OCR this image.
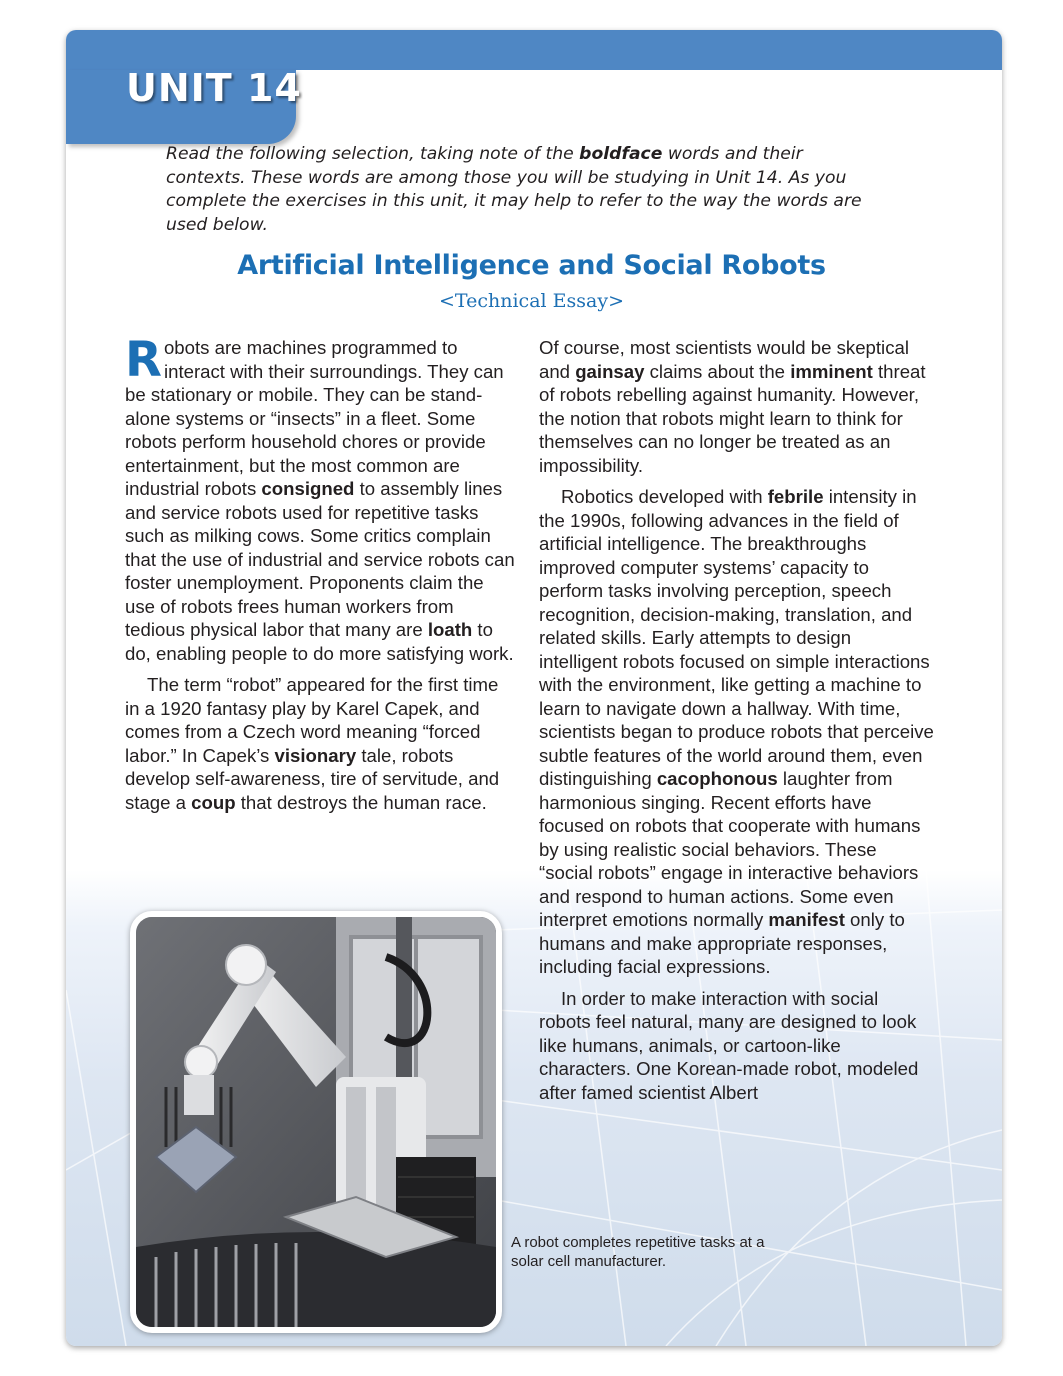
UNIT 14
Read the following selection, taking note of the boldface words and their contexts. These words are among those you will be studying in Unit 14. As you complete the exercises in this unit, it may help to refer to the way the words are used below.
Artificial Intelligence and Social Robots
<Technical Essay>

Robots are machines programmed to interact with their surroundings. They can be stationary or mobile. They can be stand-alone systems or “insects” in a fleet. Some robots perform household chores or provide entertainment, but the most common are industrial robots consigned to assembly lines and service robots used for repetitive tasks such as milking cows. Some critics complain that the use of industrial and service robots can foster unemployment. Proponents claim the use of robots frees human workers from tedious physical labor that many are loath to do, enabling people to do more satisfying work.

The term “robot” appeared for the first time in a 1920 fantasy play by Karel Capek, and comes from a Czech word meaning “forced labor.” In Capek’s visionary tale, robots develop self-awareness, tire of servitude, and stage a coup that destroys the human race.

Of course, most scientists would be skeptical and gainsay claims about the imminent threat of robots rebelling against humanity. However, the notion that robots might learn to think for themselves can no longer be treated as an impossibility.

Robotics developed with febrile intensity in the 1990s, following advances in the field of artificial intelligence. The breakthroughs improved computer systems’ capacity to perform tasks involving perception, speech recognition, decision-making, translation, and related skills. Early attempts to design intelligent robots focused on simple interactions with the environment, like getting a machine to learn to navigate down a hallway. With time, scientists began to produce robots that perceive subtle features of the world around them, even distinguishing cacophonous laughter from harmonious singing. Recent efforts have focused on robots that cooperate with humans by using realistic social behaviors. These “social robots” engage in interactive behaviors and respond to human actions. Some even interpret emotions normally manifest only to humans and make appropriate responses, including facial expressions.

In order to make interaction with social robots feel natural, many are designed to look like humans, animals, or cartoon-like characters. One Korean-made robot, modeled after famed scientist Albert

A robot completes repetitive tasks at a solar cell manufacturer.
